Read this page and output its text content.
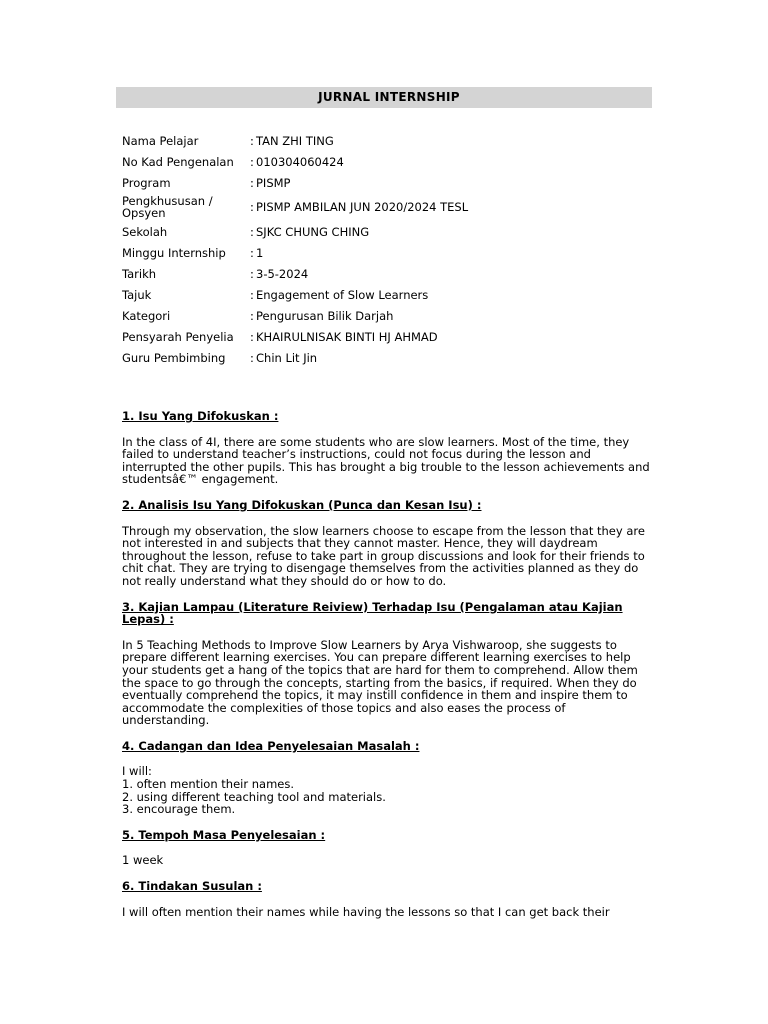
JURNAL INTERNSHIP
Nama Pelajar	: TAN ZHI TING
No Kad Pengenalan	: 010304060424
Program	: PISMP
Pengkhususan / Opsyen	: PISMP AMBILAN JUN 2020/2024 TESL
Sekolah	: SJKC CHUNG CHING
Minggu Internship	: 1
Tarikh	: 3-5-2024
Tajuk	: Engagement of Slow Learners
Kategori	: Pengurusan Bilik Darjah
Pensyarah Penyelia	: KHAIRULNISAK BINTI HJ AHMAD
Guru Pembimbing	: Chin Lit Jin
1. Isu Yang Difokuskan :

In the class of 4I, there are some students who are slow learners. Most of the time, they failed to understand teacher’s instructions, could not focus during the lesson and interrupted the other pupils. This has brought a big trouble to the lesson achievements and studentsâ€™ engagement.

2. Analisis Isu Yang Difokuskan (Punca dan Kesan Isu) :

Through my observation, the slow learners choose to escape from the lesson that they are not interested in and subjects that they cannot master. Hence, they will daydream throughout the lesson, refuse to take part in group discussions and look for their friends to chit chat. They are trying to disengage themselves from the activities planned as they do not really understand what they should do or how to do.

3. Kajian Lampau (Literature Reiview) Terhadap Isu (Pengalaman atau Kajian Lepas) :

In 5 Teaching Methods to Improve Slow Learners by Arya Vishwaroop, she suggests to prepare different learning exercises. You can prepare different learning exercises to help your students get a hang of the topics that are hard for them to comprehend. Allow them the space to go through the concepts, starting from the basics, if required. When they do eventually comprehend the topics, it may instill confidence in them and inspire them to accommodate the complexities of those topics and also eases the process of understanding.

4. Cadangan dan Idea Penyelesaian Masalah :

I will:
1. often mention their names.
2. using different teaching tool and materials.
3. encourage them.

5. Tempoh Masa Penyelesaian :

1 week

6. Tindakan Susulan :

I will often mention their names while having the lessons so that I can get back their
